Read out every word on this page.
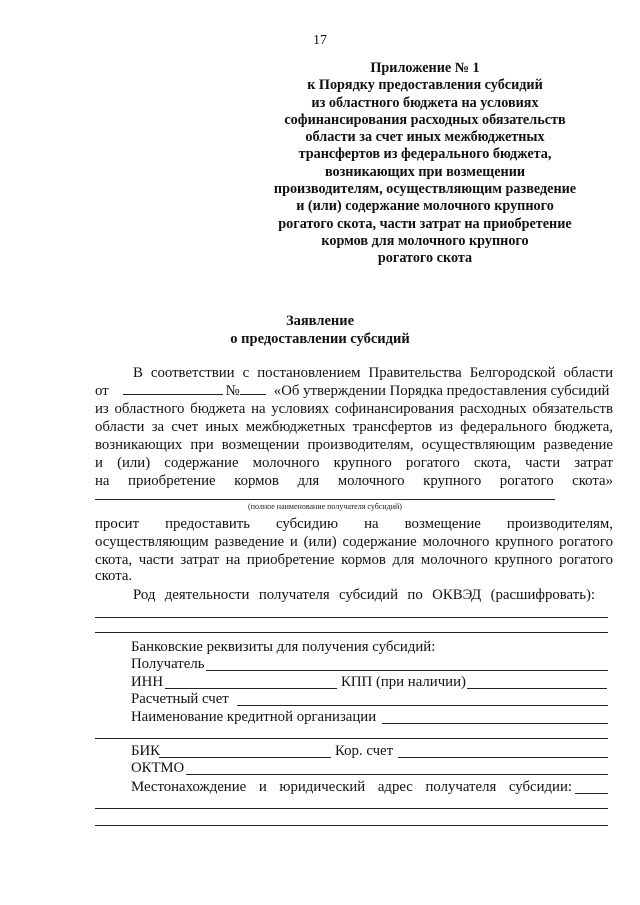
17
Приложение № 1
к Порядку предоставления субсидий
из областного бюджета на условиях
софинансирования расходных обязательств
области за счет иных межбюджетных
трансфертов из федерального бюджета,
возникающих при возмещении
производителям, осуществляющим разведение
и (или) содержание молочного крупного
рогатого скота, части затрат на приобретение
кормов для молочного крупного
рогатого скота
Заявление
о предоставлении субсидий
В соответствии с постановлением Правительства Белгородской области
от	№ «Об утверждении Порядка предоставления субсидий
из областного бюджета на условиях софинансирования расходных обязательств
области за счет иных межбюджетных трансфертов из федерального бюджета,
возникающих при возмещении производителям, осуществляющим разведение
и (или) содержание молочного крупного рогатого скота, части затрат
на приобретение кормов для молочного крупного рогатого скота»
(полное наименование получателя субсидий)
просит предоставить субсидию на возмещение производителям,
осуществляющим разведение и (или) содержание молочного крупного рогатого
скота, части затрат на приобретение кормов для молочного крупного рогатого
скота.
Род деятельности получателя субсидий по ОКВЭД (расшифровать):
Банковские реквизиты для получения субсидий:
Получатель
ИНН	КПП (при наличии)
Расчетный счет
Наименование кредитной организации
БИК	Кор. счет
ОКТМО
Местонахождение и юридический адрес получателя субсидии:
